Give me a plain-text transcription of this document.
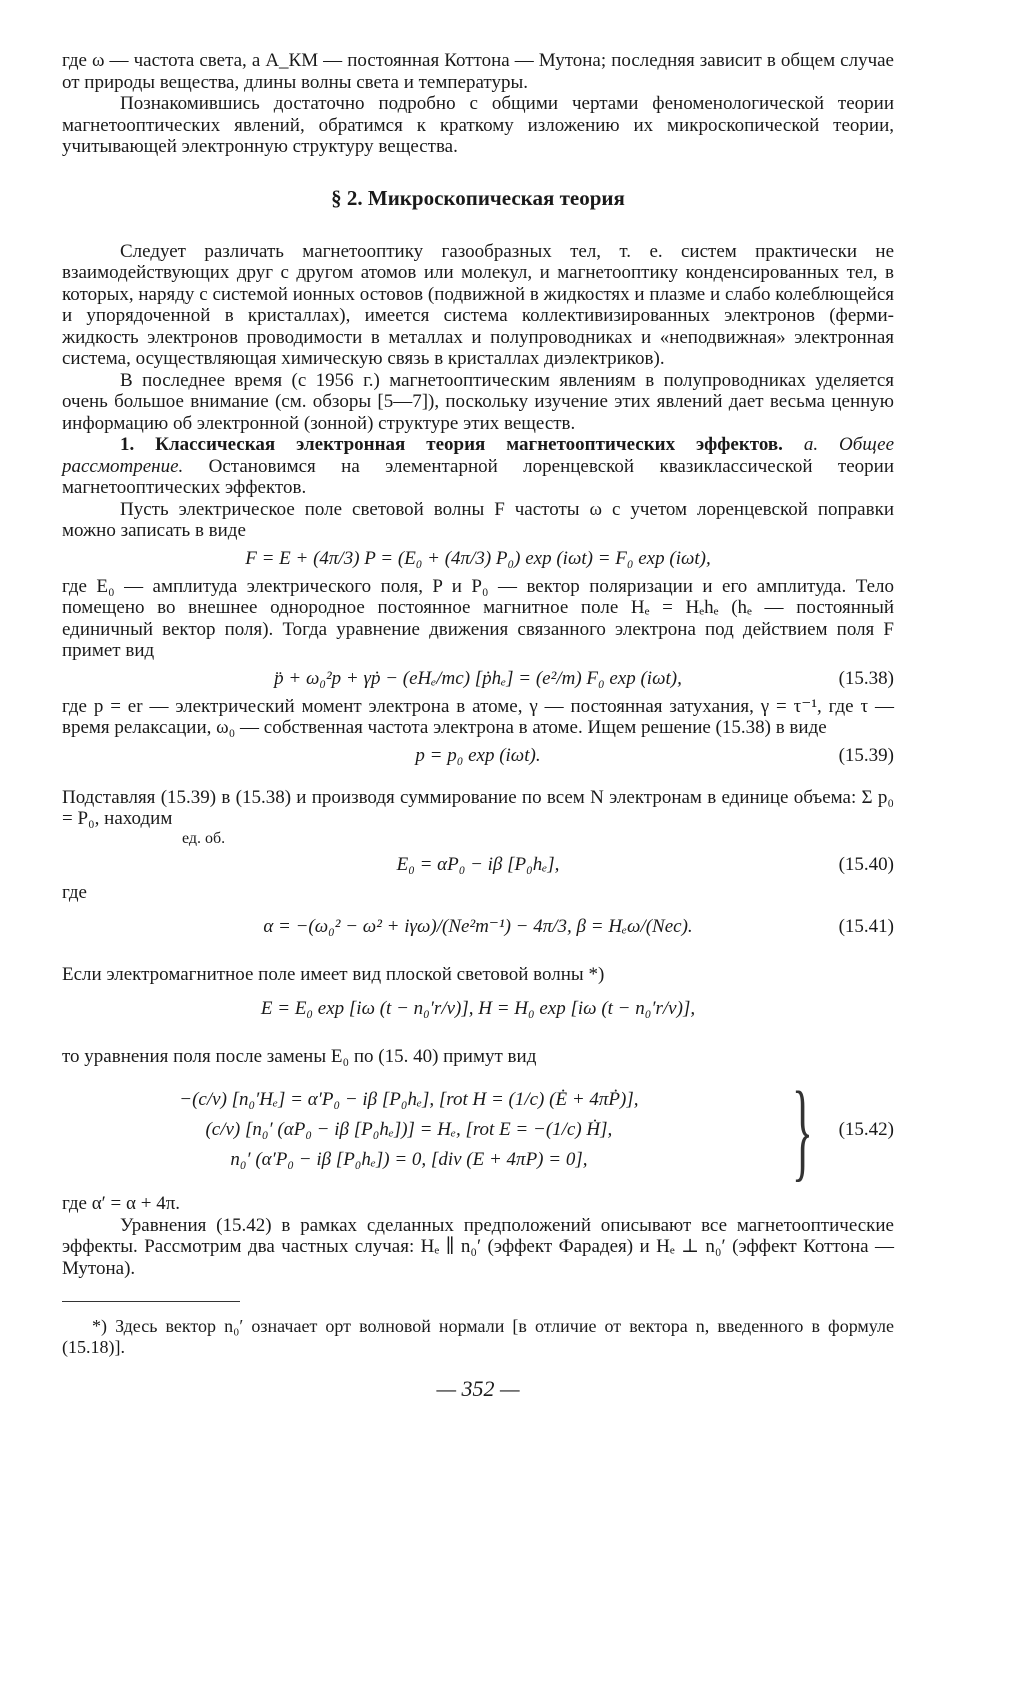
где ω — частота света, а A_КМ — постоянная Коттона — Мутона; последняя зависит в общем случае от природы вещества, длины волны света и температуры.

Познакомившись достаточно подробно с общими чертами феноменологической теории магнетооптических явлений, обратимся к краткому изложению их микроскопической теории, учитывающей электронную структуру вещества.

§ 2. Микроскопическая теория

Следует различать магнетооптику газообразных тел, т. е. систем практически не взаимодействующих друг с другом атомов или молекул, и магнетооптику конденсированных тел, в которых, наряду с системой ионных остовов (подвижной в жидкостях и плазме и слабо колеблющейся и упорядоченной в кристаллах), имеется система коллективизированных электронов (ферми-жидкость электронов проводимости в металлах и полупроводниках и «неподвижная» электронная система, осуществляющая химическую связь в кристаллах диэлектриков).

В последнее время (с 1956 г.) магнетооптическим явлениям в полупроводниках уделяется очень большое внимание (см. обзоры [5—7]), поскольку изучение этих явлений дает весьма ценную информацию об электронной (зонной) структуре этих веществ.

1. Классическая электронная теория магнетооптических эффектов. а. Общее рассмотрение. Остановимся на элементарной лоренцевской квазиклассической теории магнетооптических эффектов.

Пусть электрическое поле световой волны F частоты ω с учетом лоренцевской поправки можно записать в виде

F = E + (4π/3) P = (E₀ + (4π/3) P₀) exp (iωt) = F₀ exp (iωt),

где E₀ — амплитуда электрического поля, P и P₀ — вектор поляризации и его амплитуда. Тело помещено во внешнее однородное постоянное магнитное поле Hₑ = Hₑhₑ (hₑ — постоянный единичный вектор поля). Тогда уравнение движения связанного электрона под действием поля F примет вид

p̈ + ω₀²p + γṗ − (eHₑ/mc) [ṗhₑ] = (e²/m) F₀ exp (iωt),	(15.38)

где p = er — электрический момент электрона в атоме, γ — постоянная затухания, γ = τ⁻¹, где τ — время релаксации, ω₀ — собственная частота электрона в атоме. Ищем решение (15.38) в виде

p = p₀ exp (iωt).	(15.39)

Подставляя (15.39) в (15.38) и производя суммирование по всем N электронам в единице объема: Σ p₀ = P₀, находим

ед. об.

E₀ = αP₀ − iβ [P₀hₑ],	(15.40)

где

α = −(ω₀² − ω² + iγω)/(Ne²m⁻¹) − 4π/3, β = Hₑω/(Nec).	(15.41)

Если электромагнитное поле имеет вид плоской световой волны *)

E = E₀ exp [iω (t − n₀′r/v)], H = H₀ exp [iω (t − n₀′r/v)],

то уравнения поля после замены E₀ по (15. 40) примут вид

−(c/v) [n₀′Hₑ] = α′P₀ − iβ [P₀hₑ], [rot H = (1/c) (Ė + 4πṖ)],
(c/v) [n₀′ (αP₀ − iβ [P₀hₑ])] = Hₑ, [rot E = −(1/c) Ḣ],
n₀′ (α′P₀ − iβ [P₀hₑ]) = 0, [div (E + 4πP) = 0],	} (15.42)

где α′ = α + 4π.

Уравнения (15.42) в рамках сделанных предположений описывают все магнетооптические эффекты. Рассмотрим два частных случая: Hₑ ∥ n₀′ (эффект Фарадея) и Hₑ ⊥ n₀′ (эффект Коттона — Мутона).

*) Здесь вектор n₀′ означает орт волновой нормали [в отличие от вектора n, введенного в формуле (15.18)].

— 352 —
